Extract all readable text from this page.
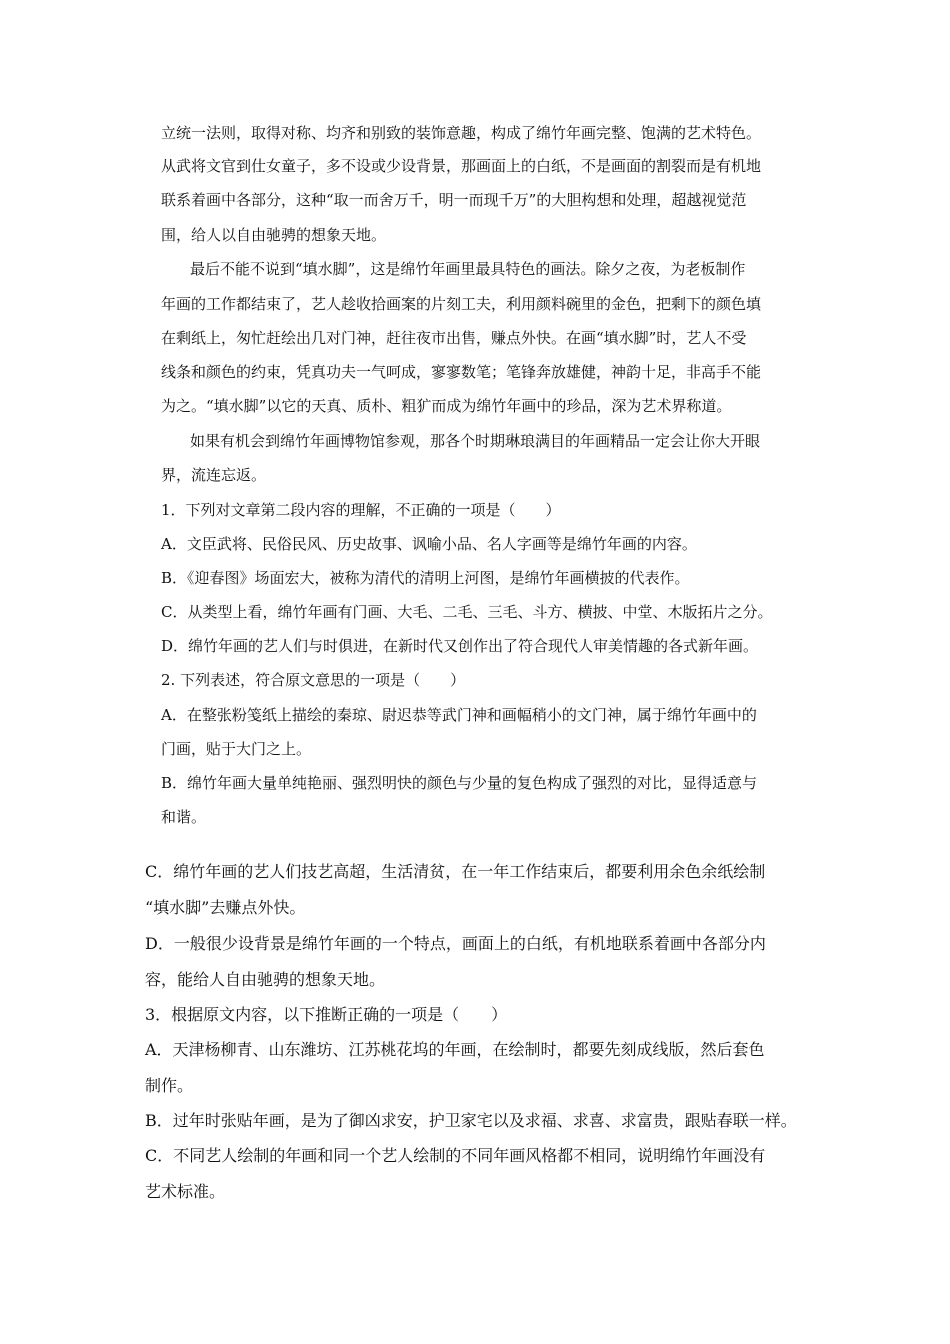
立统一法则，取得对称、均齐和别致的装饰意趣，构成了绵竹年画完整、饱满的艺术特色。
从武将文官到仕女童子，多不设或少设背景，那画面上的白纸，不是画面的割裂而是有机地
联系着画中各部分，这种“取一而舍万千，明一而现千万”的大胆构想和处理，超越视觉范
围，给人以自由驰骋的想象天地。
最后不能不说到“填水脚”，这是绵竹年画里最具特色的画法。除夕之夜，为老板制作
年画的工作都结束了，艺人趁收拾画案的片刻工夫，利用颜料碗里的金色，把剩下的颜色填
在剩纸上，匆忙赶绘出几对门神，赶往夜市出售，赚点外快。在画“填水脚”时，艺人不受
线条和颜色的约束，凭真功夫一气呵成，寥寥数笔；笔锋奔放雄健，神韵十足，非高手不能
为之。“填水脚”以它的天真、质朴、粗犷而成为绵竹年画中的珍品，深为艺术界称道。
如果有机会到绵竹年画博物馆参观，那各个时期琳琅满目的年画精品一定会让你大开眼
界，流连忘返。
1．下列对文章第二段内容的理解，不正确的一项是（　　）
A．文臣武将、民俗民风、历史故事、讽喻小品、名人字画等是绵竹年画的内容。
B．《迎春图》场面宏大，被称为清代的清明上河图，是绵竹年画横披的代表作。
C．从类型上看，绵竹年画有门画、大毛、二毛、三毛、斗方、横披、中堂、木版拓片之分。
D．绵竹年画的艺人们与时俱进，在新时代又创作出了符合现代人审美情趣的各式新年画。
2. 下列表述，符合原文意思的一项是（　　）
A．在整张粉笺纸上描绘的秦琼、尉迟恭等武门神和画幅稍小的文门神，属于绵竹年画中的
门画，贴于大门之上。
B．绵竹年画大量单纯艳丽、强烈明快的颜色与少量的复色构成了强烈的对比，显得适意与
和谐。
C．绵竹年画的艺人们技艺高超，生活清贫，在一年工作结束后，都要利用余色余纸绘制
“填水脚”去赚点外快。
D．一般很少设背景是绵竹年画的一个特点，画面上的白纸，有机地联系着画中各部分内
容，能给人自由驰骋的想象天地。
3．根据原文内容，以下推断正确的一项是（　　）
A．天津杨柳青、山东潍坊、江苏桃花坞的年画，在绘制时，都要先刻成线版，然后套色
制作。
B．过年时张贴年画，是为了御凶求安，护卫家宅以及求福、求喜、求富贵，跟贴春联一样。
C．不同艺人绘制的年画和同一个艺人绘制的不同年画风格都不相同，说明绵竹年画没有
艺术标准。
